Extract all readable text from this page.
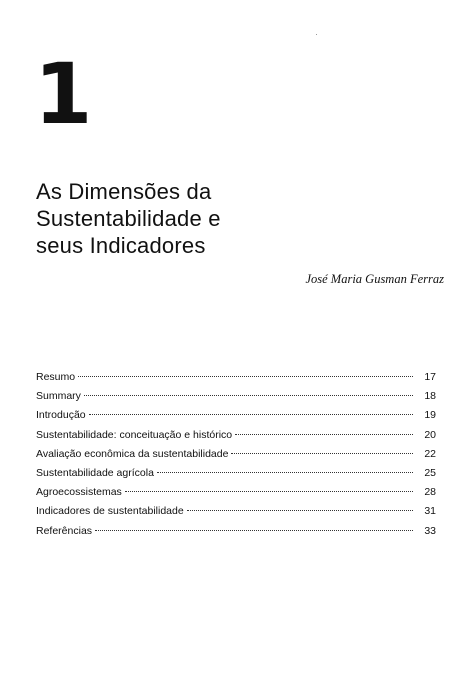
1
As Dimensões da
Sustentabilidade e
seus Indicadores

José Maria Gusman Ferraz

Resumo	17
Summary	18
Introdução	19
Sustentabilidade: conceituação e histórico	20
Avaliação econômica da sustentabilidade	22
Sustentabilidade agrícola	25
Agroecossistemas	28
Indicadores de sustentabilidade	31
Referências	33
